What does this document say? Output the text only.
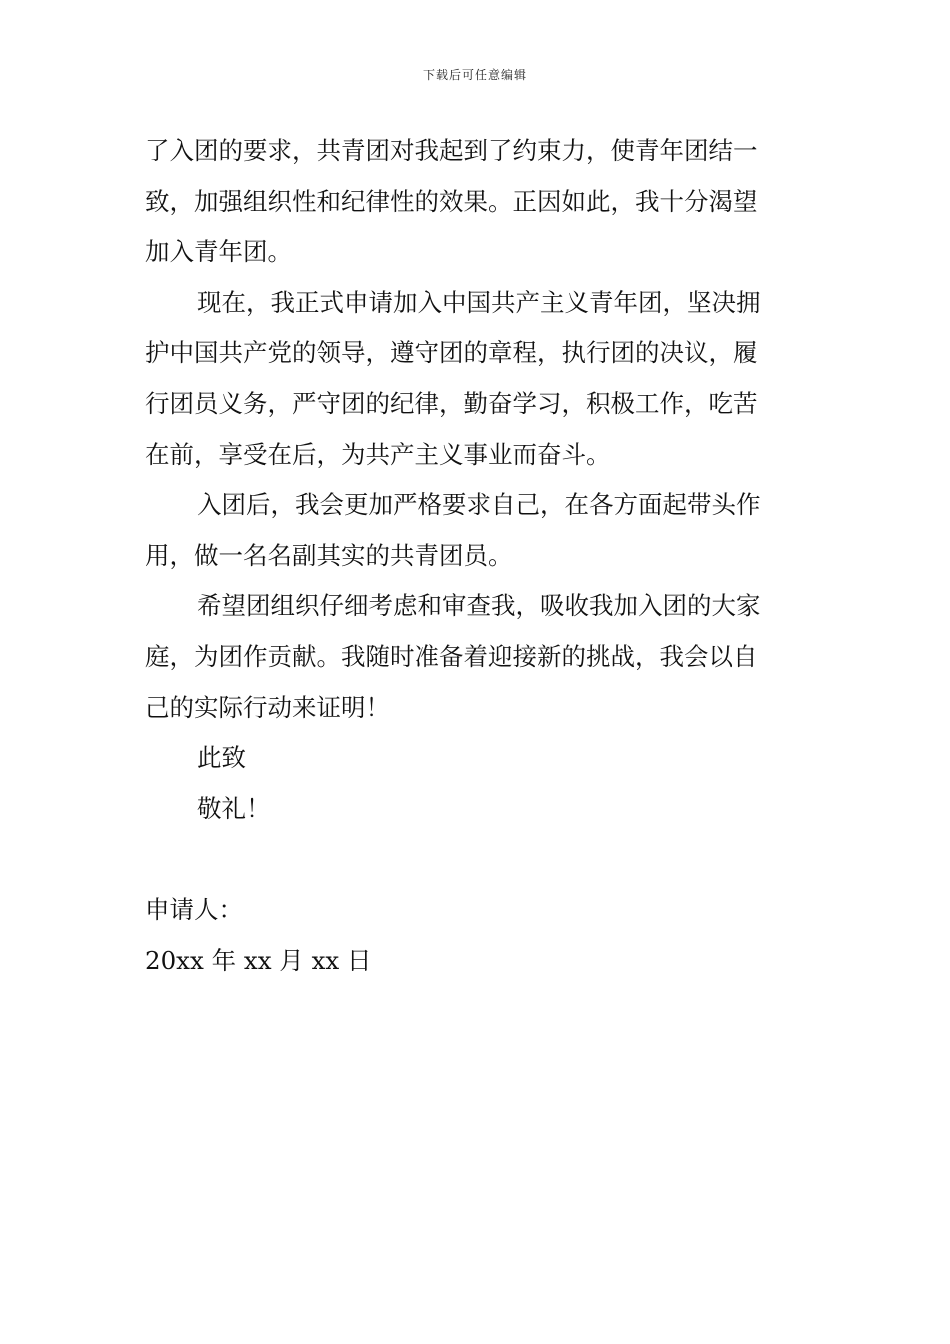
下载后可任意编辑
了入团的要求，共青团对我起到了约束力，使青年团结一
致，加强组织性和纪律性的效果。正因如此，我十分渴望
加入青年团。
现在，我正式申请加入中国共产主义青年团，坚决拥
护中国共产党的领导，遵守团的章程，执行团的决议，履
行团员义务，严守团的纪律，勤奋学习，积极工作，吃苦
在前，享受在后，为共产主义事业而奋斗。
入团后，我会更加严格要求自己，在各方面起带头作
用，做一名名副其实的共青团员。
希望团组织仔细考虑和审查我，吸收我加入团的大家
庭，为团作贡献。我随时准备着迎接新的挑战，我会以自
己的实际行动来证明！
此致
敬礼！
申请人：
20xx 年 xx 月 xx 日
